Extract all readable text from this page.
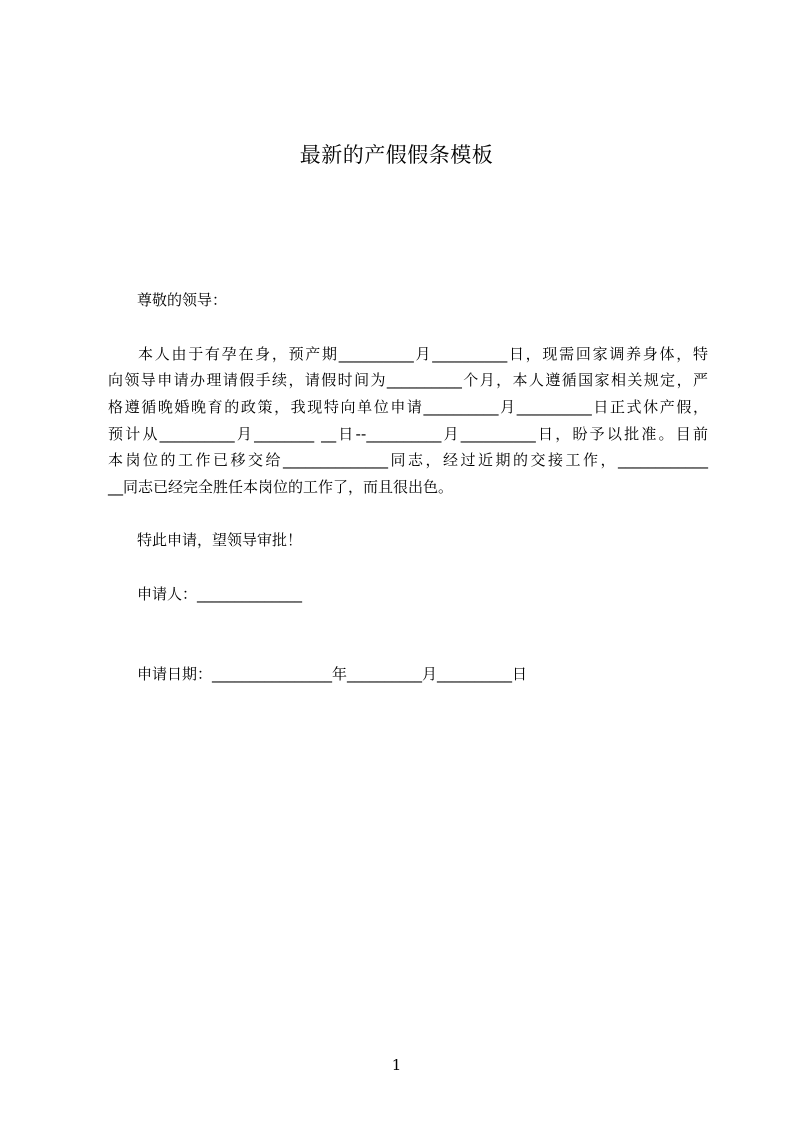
最新的产假假条模板
尊敬的领导：
本人由于有孕在身，预产期__________月__________日，现需回家调养身体，特
向领导申请办理请假手续，请假时间为__________个月，本人遵循国家相关规定，严
格遵循晚婚晚育的政策，我现特向单位申请__________月__________日正式休产假，
预计从__________月________ __日--__________月__________日，盼予以批准。目前
本岗位的工作已移交给______________同志，经过近期的交接工作，____________
__同志已经完全胜任本岗位的工作了，而且很出色。
特此申请，望领导审批！
申请人：______________
申请日期：________________年__________月__________日
1
